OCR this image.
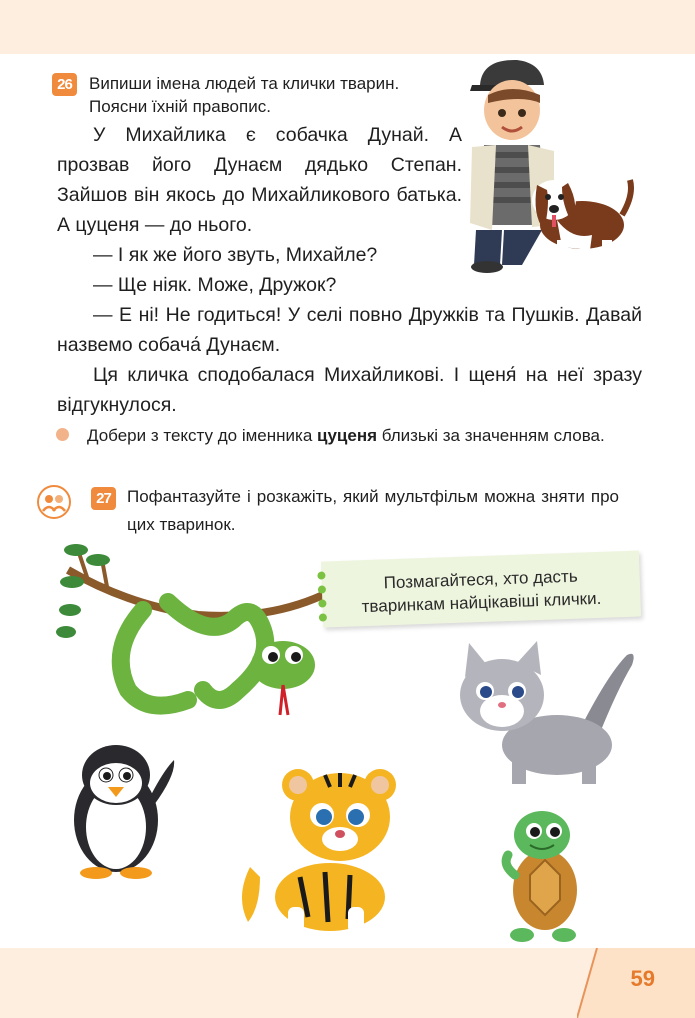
26	Випиши імена людей та клички тварин.
Поясни їхній правопис.

У Михайлика є собачка Дунай. А прозвав його Дунаєм дядько Степан. Зайшов він якось до Михайликового батька. А цуценя — до нього.

— І як же його звуть, Михайле?

— Ще ніяк. Може, Дружок?

— Е ні! Не годиться! У селі повно Дружків та Пушків. Давай назвемо собача́ Дунаєм.

Ця кличка сподобалася Михайликові. І щеня́ на неї зразу відгукнулося.

Добери з тексту до іменника цуценя близькі за значенням слова.
27 Пофантазуйте і розкажіть, який мультфільм можна зняти про цих тваринок.
Позмагайтеся, хто дасть
тваринкам найцікавіші клички.
59
